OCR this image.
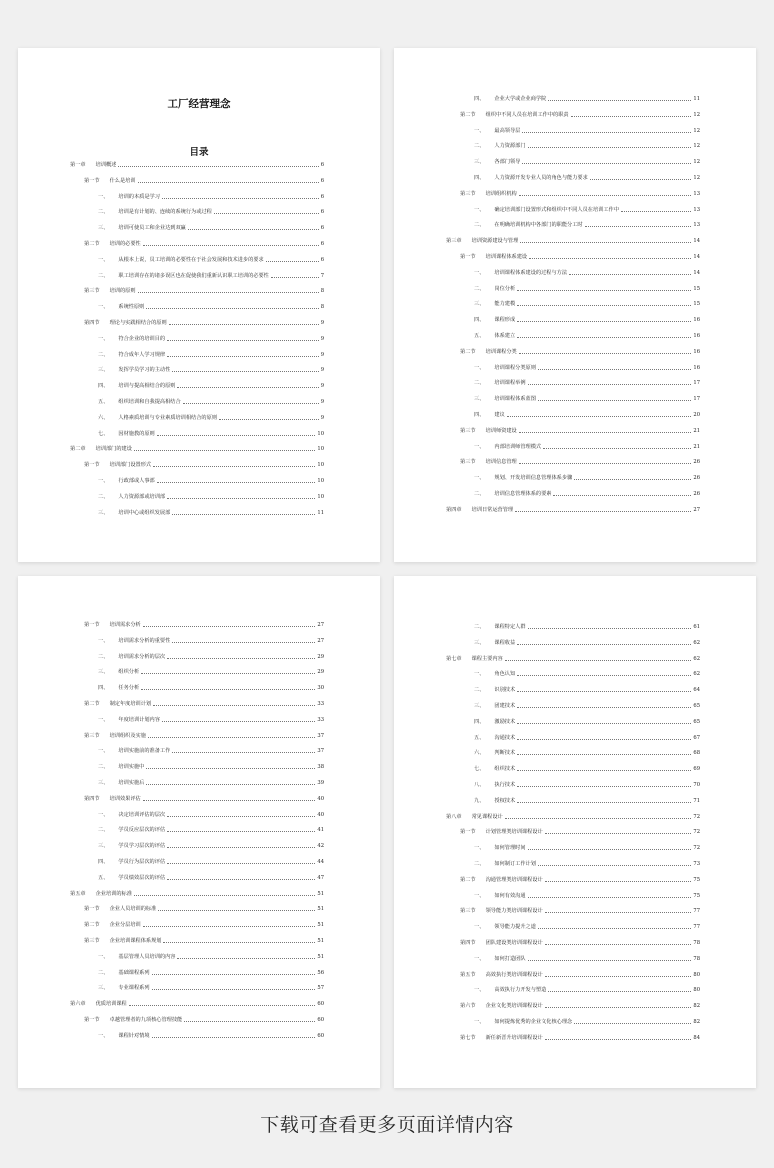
工厂经营理念
目录
第一章	培训概述	6
第一节	什么是培训	6
一、	培训的本质是学习	6
二、	培训是有计划的、连续的系统行为或过程	6
三、	培训可使员工和企业达到双赢	6
第二节	培训的必要性	6
一、	从根本上说，员工培训的必要性在于社会发展和技术进步的要求	6
二、	职工培训存在的诸多误区也在促使我们重新认识职工培训的必要性	7
第三节	培训的原则	8
一、	系统性原则	8
第四节	理论与实践相结合的原则	9
一、	符合企业的培训目的	9
二、	符合成年人学习规律	9
三、	发挥学员学习的主动性	9
四、	培训与提高相结合的原则	9
五、	组织培训和自我提高相结合	9
六、	人格素质培训与专业素质培训相结合的原则	9
七、	因材施教的原则	10
第二章	培训部门的建设	10
第一节	培训部门设置形式	10
一、	行政部或人事部	10
二、	人力资源部或培训部	10
三、	培训中心或组织发展部	11
四、	企业大学或企业商学院	11
第二节	组织中不同人员在培训工作中的职责	12
一、	最高领导层	12
二、	人力资源部门	12
三、	各部门领导	12
四、	人力资源开发专业人员的角色与能力要求	12
第三节	培训组织机构	13
一、	确定培训部门设置形式和组织中不同人员在培训工作中	13
二、	在明确培训机构中各部门的职能分工时	13
第三章	培训资源建设与管理	14
第一节	培训课程体系建设	14
一、	培训课程体系建设的过程与方法	14
二、	岗位分析	15
三、	能力建模	15
四、	课程形成	16
五、	体系建立	16
第二节	培训课程分类	16
一、	培训课程分类原则	16
二、	培训课程举例	17
三、	培训课程体系蓝图	17
四、	建议	20
第三节	培训师资建设	21
一、	内部培训师管理模式	21
第三节	培训信息管理	26
一、	规划、开发培训信息管理体系步骤	26
二、	培训信息管理体系的要素	26
第四章	培训日常运营管理	27
第一节	培训需求分析	27
一、	培训需求分析的重要性	27
二、	培训需求分析的层次	29
三、	组织分析	29
四、	任务分析	30
第二节	制定年度培训计划	33
一、	年度培训计划内容	33
第三节	培训组织及实施	37
一、	培训实施前的准备工作	37
二、	培训实施中	38
三、	培训实施后	39
第四节	培训效果评估	40
一、	决定培训评估的层次	40
二、	学员反应层次的评估	41
三、	学员学习层次的评估	42
四、	学员行为层次的评估	44
五、	学员绩效层次的评估	47
第五章	企业培训的标准	51
第一节	企业人员培训的标准	51
第二节	企业分层培训	51
第三节	企业培训课程体系规划	51
一、	基层管理人员培训的内容	51
二、	基础课程系列	56
三、	专业课程系列	57
第六章	优质培训课程	60
第一节	卓越管理者的九项核心管理技能	60
一、	课程针对情境	60
二、	课程特定人群	61
三、	课程收益	62
第七章	课程主要内容	62
一、	角色认知	62
二、	识别技术	64
三、	团建技术	65
四、	激励技术	65
五、	沟通技术	67
六、	判断技术	68
七、	组织技术	69
八、	执行技术	70
九、	授权技术	71
第八章	常见课程设计	72
第一节	计划管理类培训课程设计	72
一、	如何管理时间	72
二、	如何制订工作计划	73
第二节	沟通管理类培训课程设计	75
一、	如何有效沟通	75
第三节	领导能力类培训课程设计	77
一、	领导能力提升之道	77
第四节	团队建设类培训课程设计	78
一、	如何打造团队	78
第五节	高效执行类培训课程设计	80
一、	高效执行力开发与塑造	80
第六节	企业文化类培训课程设计	82
一、	如何提炼优秀的企业文化核心理念	82
第七节	新任新晋升培训课程设计	84
下载可查看更多页面详情内容
